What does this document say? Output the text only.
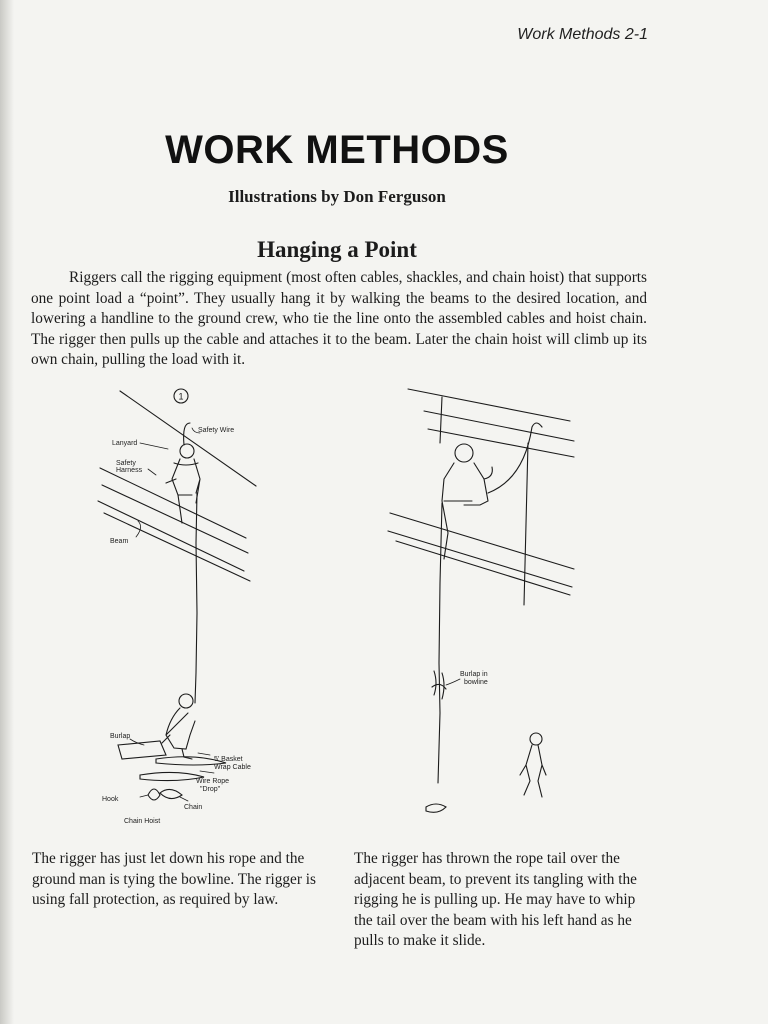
Work Methods 2-1
WORK METHODS
Illustrations by Don Ferguson
Hanging a Point

Riggers call the rigging equipment (most often cables, shackles, and chain hoist) that supports one point load a “point”. They usually hang it by walking the beams to the desired location, and lowering a handline to the ground crew, who tie the line onto the assembled cables and hoist chain. The rigger then pulls up the cable and attaches it to the beam. Later the chain hoist will climb up its own chain, pulling the load with it.

1
Lanyard
Safety Wire
Safety
Harness
Beam
Burlap
5' Basket
Wrap Cable
Wire Rope
"Drop"
Hook
Chain
Chain Hoist
Burlap in
bowline

The rigger has just let down his rope and the ground man is tying the bowline. The rigger is using fall protection, as required by law.

The rigger has thrown the rope tail over the adjacent beam, to prevent its tangling with the rigging he is pulling up. He may have to whip the tail over the beam with his left hand as he pulls to make it slide.
